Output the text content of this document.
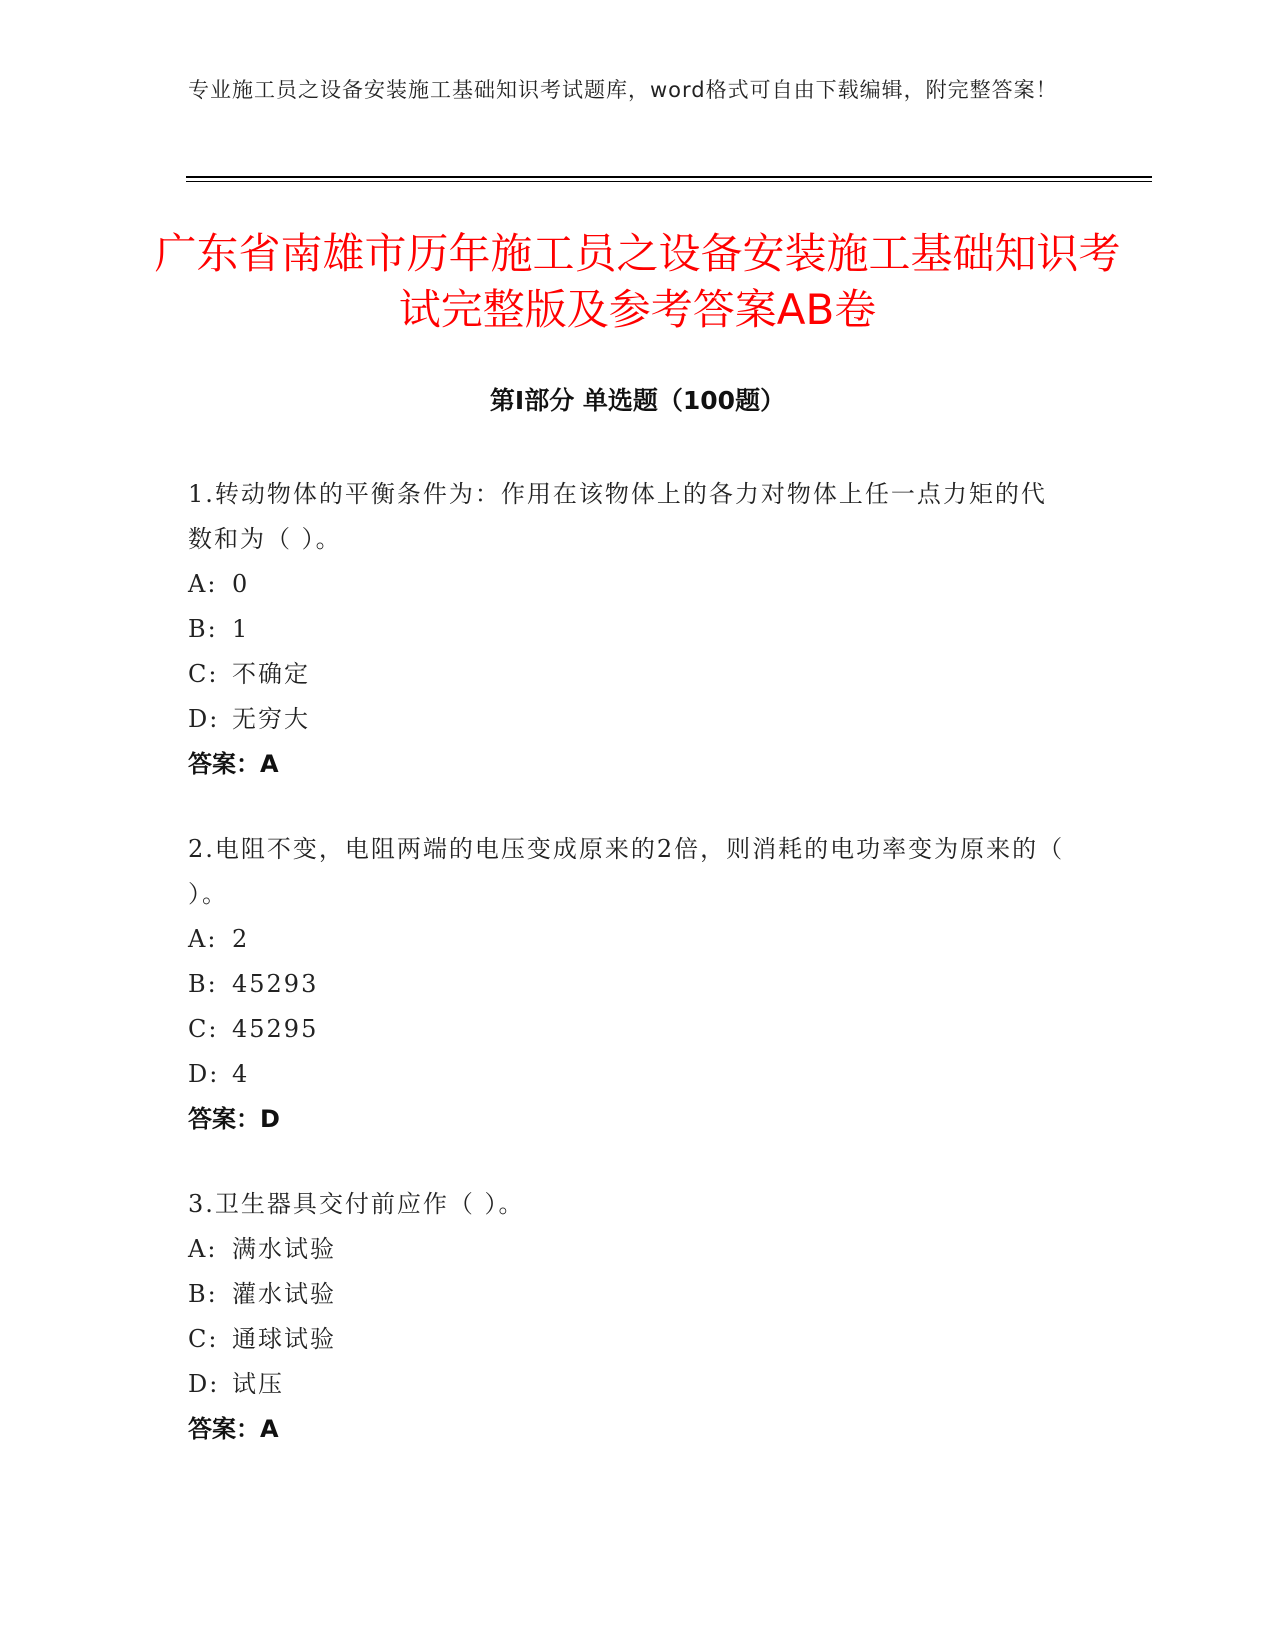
专业施工员之设备安装施工基础知识考试题库，word格式可自由下载编辑，附完整答案！
广东省南雄市历年施工员之设备安装施工基础知识考试完整版及参考答案AB卷
第Ⅰ部分 单选题（100题）

1.转动物体的平衡条件为：作用在该物体上的各力对物体上任一点力矩的代数和为（ ）。

A: 0
B: 1
C: 不确定
D: 无穷大
答案：A

2.电阻不变，电阻两端的电压变成原来的2倍，则消耗的电功率变为原来的（ ）。

A: 2
B: 45293
C: 45295
D: 4
答案：D

3.卫生器具交付前应作（ ）。

A: 满水试验
B: 灌水试验
C: 通球试验
D: 试压
答案：A
